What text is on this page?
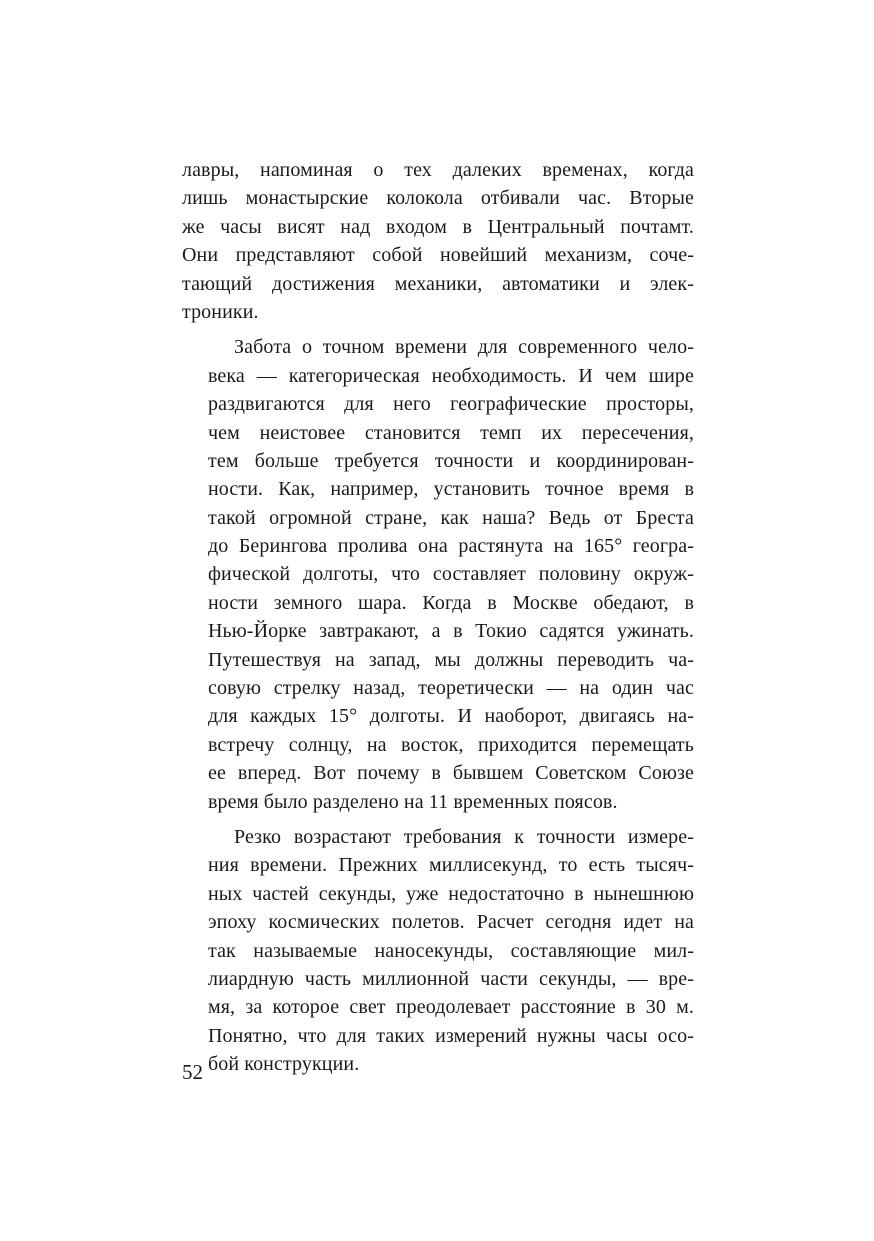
лавры, напоминая о тех далеких временах, когда
лишь монастырские колокола отбивали час. Вторые
же часы висят над входом в Центральный почтамт.
Они представляют собой новейший механизм, соче-
тающий достижения механики, автоматики и элек-
троники.

Забота о точном времени для современного чело-
века — категорическая необходимость. И чем шире
раздвигаются для него географические просторы,
чем неистовее становится темп их пересечения,
тем больше требуется точности и координирован-
ности. Как, например, установить точное время в
такой огромной стране, как наша? Ведь от Бреста
до Берингова пролива она растянута на 165° геогра-
фической долготы, что составляет половину окруж-
ности земного шара. Когда в Москве обедают, в
Нью-Йорке завтракают, а в Токио садятся ужинать.
Путешествуя на запад, мы должны переводить ча-
совую стрелку назад, теоретически — на один час
для каждых 15° долготы. И наоборот, двигаясь на-
встречу солнцу, на восток, приходится перемещать
ее вперед. Вот почему в бывшем Советском Союзе
время было разделено на 11 временных поясов.

Резко возрастают требования к точности измере-
ния времени. Прежних миллисекунд, то есть тысяч-
ных частей секунды, уже недостаточно в нынешнюю
эпоху космических полетов. Расчет сегодня идет на
так называемые наносекунды, составляющие мил-
лиардную часть миллионной части секунды, — вре-
мя, за которое свет преодолевает расстояние в 30 м.
Понятно, что для таких измерений нужны часы осо-
бой конструкции.

52
